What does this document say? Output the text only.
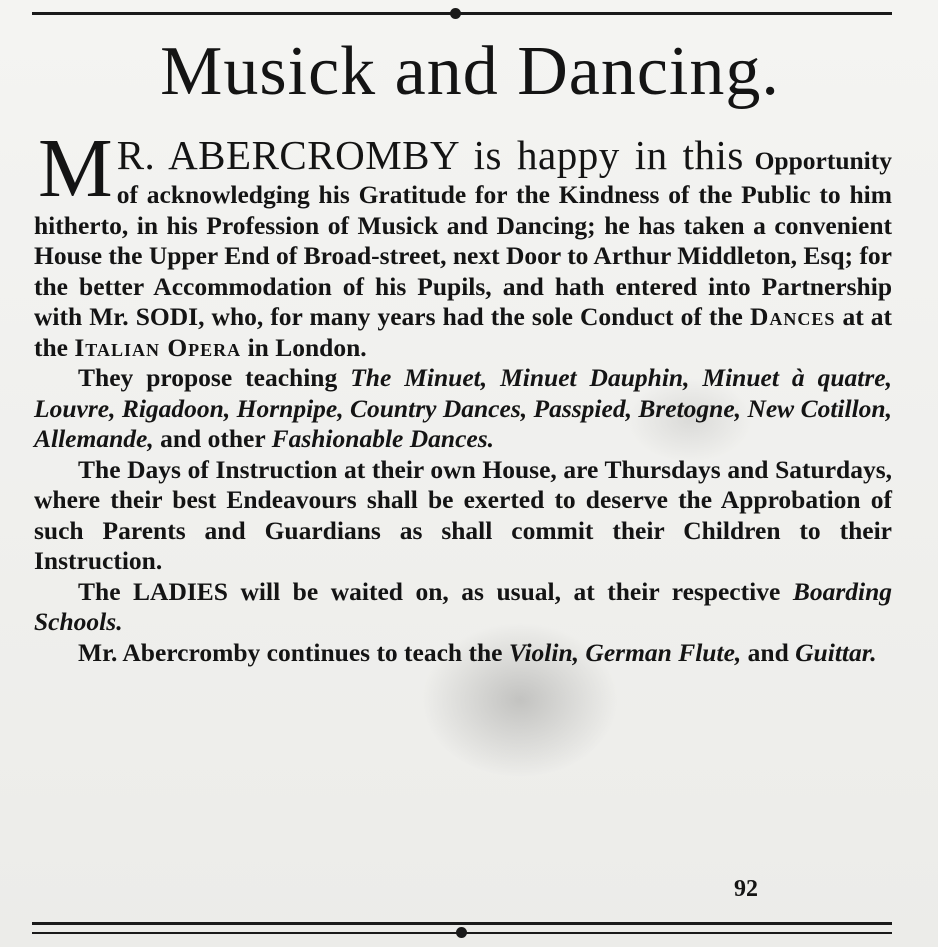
Musick and Dancing.

M R. ABERCROMBY is happy in this Opportunity of acknowledging his Gratitude for the Kindness of the Public to him hitherto, in his Profession of Musick and Dancing; he has taken a convenient House the Upper End of Broad-street, next Door to Arthur Middleton, Esq; for the better Accommodation of his Pupils, and hath entered into Partnership with Mr. SODI, who, for many years had the sole Conduct of the Dances at at the Italian Opera in London.

They propose teaching The Minuet, Minuet Dauphin, Minuet à quatre, Louvre, Rigadoon, Hornpipe, Country Dances, Passpied, Bretogne, New Cotillon, Allemande, and other Fashionable Dances.

The Days of Instruction at their own House, are Thursdays and Saturdays, where their best Endeavours shall be exerted to deserve the Approbation of such Parents and Guardians as shall commit their Children to their Instruction.

The LADIES will be waited on, as usual, at their respective Boarding Schools.

Mr. Abercromby continues to teach the Violin, German Flute, and Guittar.

92
